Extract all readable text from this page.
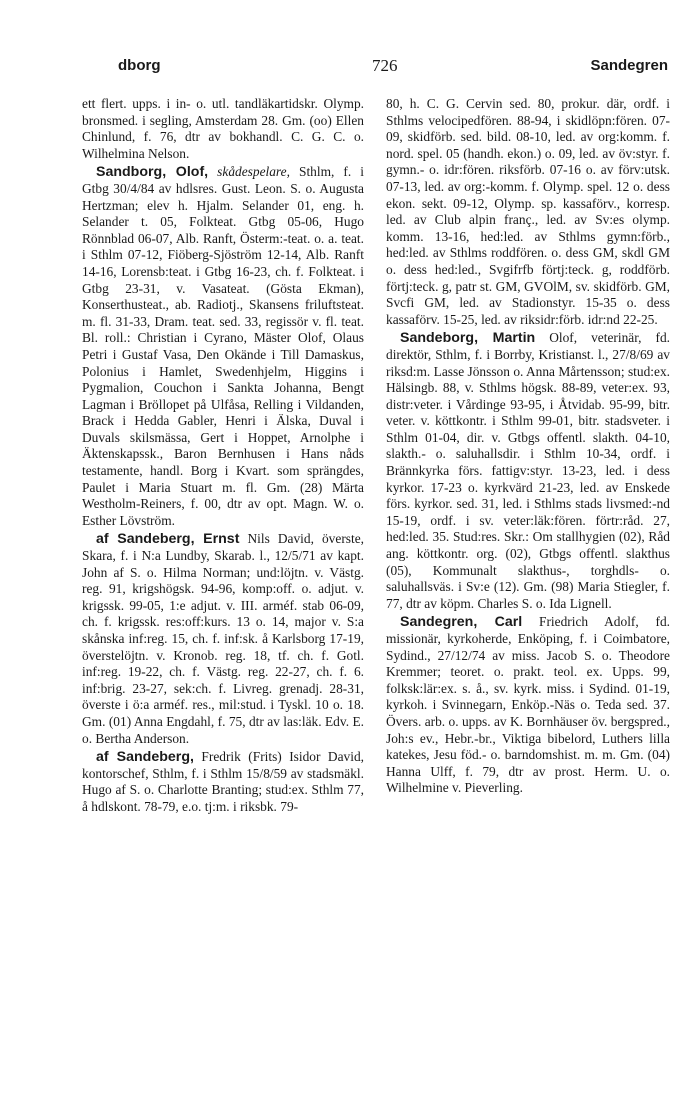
dborg	726	Sandegren

ett flert. upps. i in- o. utl. tandläkartidskr. Olymp. bronsmed. i segling, Amsterdam 28. Gm. (oo) Ellen Chinlund, f. 76, dtr av bokhandl. C. G. C. o. Wilhelmina Nelson.

Sandborg, Olof, skådespelare, Sthlm, f. i Gtbg 30/4/84 av hdlsres. Gust. Leon. S. o. Augusta Hertzman; elev h. Hjalm. Selander 01, eng. h. Selander t. 05, Folkteat. Gtbg 05-06, Hugo Rönnblad 06-07, Alb. Ranft, Österm:-teat. o. a. teat. i Sthlm 07-12, Fiöberg-Sjöström 12-14, Alb. Ranft 14-16, Lorensb:teat. i Gtbg 16-23, ch. f. Folkteat. i Gtbg 23-31, v. Vasateat. (Gösta Ekman), Konserthusteat., ab. Radiotj., Skansens friluftsteat. m. fl. 31-33, Dram. teat. sed. 33, regissör v. fl. teat. Bl. roll.: Christian i Cyrano, Mäster Olof, Olaus Petri i Gustaf Vasa, Den Okände i Till Damaskus, Polonius i Hamlet, Swedenhjelm, Higgins i Pygmalion, Couchon i Sankta Johanna, Bengt Lagman i Bröllopet på Ulfåsa, Relling i Vildanden, Brack i Hedda Gabler, Henri i Älska, Duval i Duvals skilsmässa, Gert i Hoppet, Arnolphe i Äktenskapssk., Baron Bernhusen i Hans nåds testamente, handl. Borg i Kvart. som sprängdes, Paulet i Maria Stuart m. fl. Gm. (28) Märta Westholm-Reiners, f. 00, dtr av opt. Magn. W. o. Esther Lövström.

af Sandeberg, Ernst Nils David, överste, Skara, f. i N:a Lundby, Skarab. l., 12/5/71 av kapt. John af S. o. Hilma Norman; und:löjtn. v. Västg. reg. 91, krigshögsk. 94-96, komp:off. o. adjut. v. krigssk. 99-05, 1:e adjut. v. III. arméf. stab 06-09, ch. f. krigssk. res:off:kurs. 13 o. 14, major v. S:a skånska inf:reg. 15, ch. f. inf:sk. å Karlsborg 17-19, överstelöjtn. v. Kronob. reg. 18, tf. ch. f. Gotl. inf:reg. 19-22, ch. f. Västg. reg. 22-27, ch. f. 6. inf:brig. 23-27, sek:ch. f. Livreg. grenadj. 28-31, överste i ö:a arméf. res., mil:stud. i Tyskl. 10 o. 18. Gm. (01) Anna Engdahl, f. 75, dtr av las:läk. Edv. E. o. Bertha Anderson.

af Sandeberg, Fredrik (Frits) Isidor David, kontorschef, Sthlm, f. i Sthlm 15/8/59 av stadsmäkl. Hugo af S. o. Charlotte Branting; stud:ex. Sthlm 77, å hdlskont. 78-79, e.o. tj:m. i riksbk. 79-

80, h. C. G. Cervin sed. 80, prokur. där, ordf. i Sthlms velocipedfören. 88-94, i skidlöpn:fören. 07-09, skidförb. sed. bild. 08-10, led. av org:komm. f. nord. spel. 05 (handh. ekon.) o. 09, led. av öv:styr. f. gymn.- o. idr:fören. riksförb. 07-16 o. av förv:utsk. 07-13, led. av org:-komm. f. Olymp. spel. 12 o. dess ekon. sekt. 09-12, Olymp. sp. kassaförv., korresp. led. av Club alpin franç., led. av Sv:es olymp. komm. 13-16, hed:led. av Sthlms gymn:förb., hed:led. av Sthlms roddfören. o. dess GM, skdl GM o. dess hed:led., Svgifrfb förtj:teck. g, roddförb. förtj:teck. g, patr st. GM, GVOlM, sv. skidförb. GM, Svcfi GM, led. av Stadionstyr. 15-35 o. dess kassaförv. 15-25, led. av riksidr:förb. idr:nd 22-25.

Sandeborg, Martin Olof, veterinär, fd. direktör, Sthlm, f. i Borrby, Kristianst. l., 27/8/69 av riksd:m. Lasse Jönsson o. Anna Mårtensson; stud:ex. Hälsingb. 88, v. Sthlms högsk. 88-89, veter:ex. 93, distr:veter. i Vårdinge 93-95, i Åtvidab. 95-99, bitr. veter. v. köttkontr. i Sthlm 99-01, bitr. stadsveter. i Sthlm 01-04, dir. v. Gtbgs offentl. slakth. 04-10, slakth.- o. saluhallsdir. i Sthlm 10-34, ordf. i Brännkyrka förs. fattigv:styr. 13-23, led. i dess kyrkor. 17-23 o. kyrkvärd 21-23, led. av Enskede förs. kyrkor. sed. 31, led. i Sthlms stads livsmed:-nd 15-19, ordf. i sv. veter:läk:fören. förtr:råd. 27, hed:led. 35. Stud:res. Skr.: Om stallhygien (02), Råd ang. köttkontr. org. (02), Gtbgs offentl. slakthus (05), Kommunalt slakthus-, torghdls- o. saluhallsväs. i Sv:e (12). Gm. (98) Maria Stiegler, f. 77, dtr av köpm. Charles S. o. Ida Lignell.

Sandegren, Carl Friedrich Adolf, fd. missionär, kyrkoherde, Enköping, f. i Coimbatore, Sydind., 27/12/74 av miss. Jacob S. o. Theodore Kremmer; teoret. o. prakt. teol. ex. Upps. 99, folksk:lär:ex. s. å., sv. kyrk. miss. i Sydind. 01-19, kyrkoh. i Svinnegarn, Enköp.-Näs o. Teda sed. 37. Övers. arb. o. upps. av K. Bornhäuser öv. bergspred., Joh:s ev., Hebr.-br., Viktiga bibelord, Luthers lilla katekes, Jesu föd.- o. barndomshist. m. m. Gm. (04) Hanna Ulff, f. 79, dtr av prost. Herm. U. o. Wilhelmine v. Pieverling.
